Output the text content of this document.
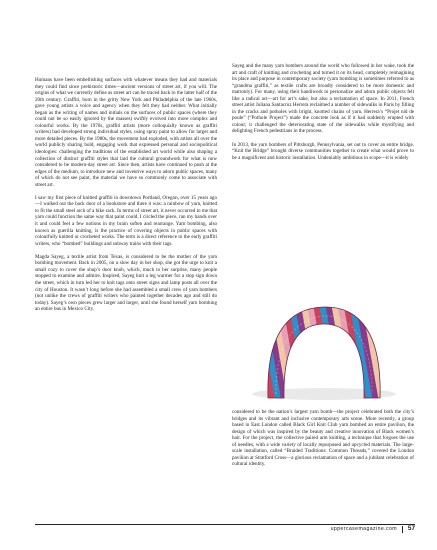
Humans have been embellishing surfaces with whatever means they had and materials they could find since prehistoric times—ancient versions of street art, if you will. The origins of what we currently define as street art can be traced back to the latter half of the 20th century. Graffiti, born in the gritty New York and Philadelphia of the late 1960s, gave young artists a voice and agency when they felt they had neither. What initially began as the writing of names and initials on the surfaces of public spaces (where they could not be so easily ignored by the masses) swiftly evolved into more complex and colourful works. By the 1970s, graffiti artists (more colloquially known as graffiti writers) had developed strong individual styles, using spray paint to allow for larger and more detailed pieces. By the 1980s, the movement had exploded, with artists all over the world publicly sharing bold, engaging work that expressed personal and sociopolitical ideologies: challenging the traditions of the established art world while also shaping a collection of distinct graffiti styles that laid the cultural groundwork for what is now considered to be modern-day street art. Since then, artists have continued to push at the edges of the medium, to introduce new and inventive ways to adorn public spaces, many of which do not see paint, the material we have so commonly come to associate with street art.

I saw my first piece of knitted graffiti in downtown Portland, Oregon, over 15 years ago—I walked out the back door of a bookstore and there it was: a rainbow of yarn, knitted to fit the small steel arch of a bike rack. In terms of street art, it never occurred to me that yarn could function the same way that paint could. I circled the piece, ran my hands over it and could feel a few notions in my brain soften and rearrange. Yarn bombing, also known as guerilla knitting, is the practice of covering objects in public spaces with colourfully knitted or crocheted works. The term is a direct reference to the early graffiti writers, who “bombed” buildings and subway trains with their tags.

Magda Sayeg, a textile artist from Texas, is considered to be the mother of the yarn bombing movement. Back in 2005, on a slow day in her shop, she got the urge to knit a small cozy to cover the shop’s door knob, which, much to her surprise, many people stopped to examine and admire. Inspired, Sayeg knit a leg warmer for a stop sign down the street, which in turn led her to knit tags onto street signs and lamp posts all over the city of Houston. It wasn’t long before she had assembled a small crew of yarn bombers (not unlike the crews of graffiti writers who painted together decades ago and still do today). Sayeg’s own pieces grew larger and larger, until she found herself yarn bombing an entire bus in Mexico City.

Sayeg and the many yarn bombers around the world who followed in her wake, took the art and craft of knitting and crocheting and turned it on its head, completely reimagining its place and purpose in contemporary society (yarn bombing is sometimes referred to as “grandma graffiti,” as textile crafts are broadly considered to be more domestic and matronly). For many, using their handiwork to personalize and adorn public objects felt like a radical act—art for art’s sake, but also a reclamation of space. In 2011, French street artist Juliana Santacruz Herrera reclaimed a number of sidewalks in Paris by filling in the cracks and potholes with bright, knotted chains of yarn. Herrera’s “Projet nid de poule” (“Pothole Project”) made the concrete look as if it had suddenly erupted with colour; it challenged the deteriorating state of the sidewalks while mystifying and delighting French pedestrians in the process.

In 2013, the yarn bombers of Pittsburgh, Pennsylvania, set out to cover an entire bridge. “Knit the Bridge” brought diverse communities together to create what would prove to be a magnificent and historic installation. Undeniably ambitious in scope—it is widely

considered to be the nation’s largest yarn bomb—the project celebrated both the city’s bridges and its vibrant and inclusive contemporary arts scene. More recently, a group based in East London called Black Girl Knit Club yarn bombed an entire pavilion, the design of which was inspired by the beauty and creative innovation of Black women’s hair. For the project, the collective paired arm knitting, a technique that forgoes the use of needles, with a wide variety of locally repurposed and upcycled materials. The large-scale installation, called “Braided Traditions: Common Threads,” covered the London pavilion at Stratford Cross—a glorious reclamation of space and a jubilant celebration of cultural identity.

uppercasemagazine.com 57
